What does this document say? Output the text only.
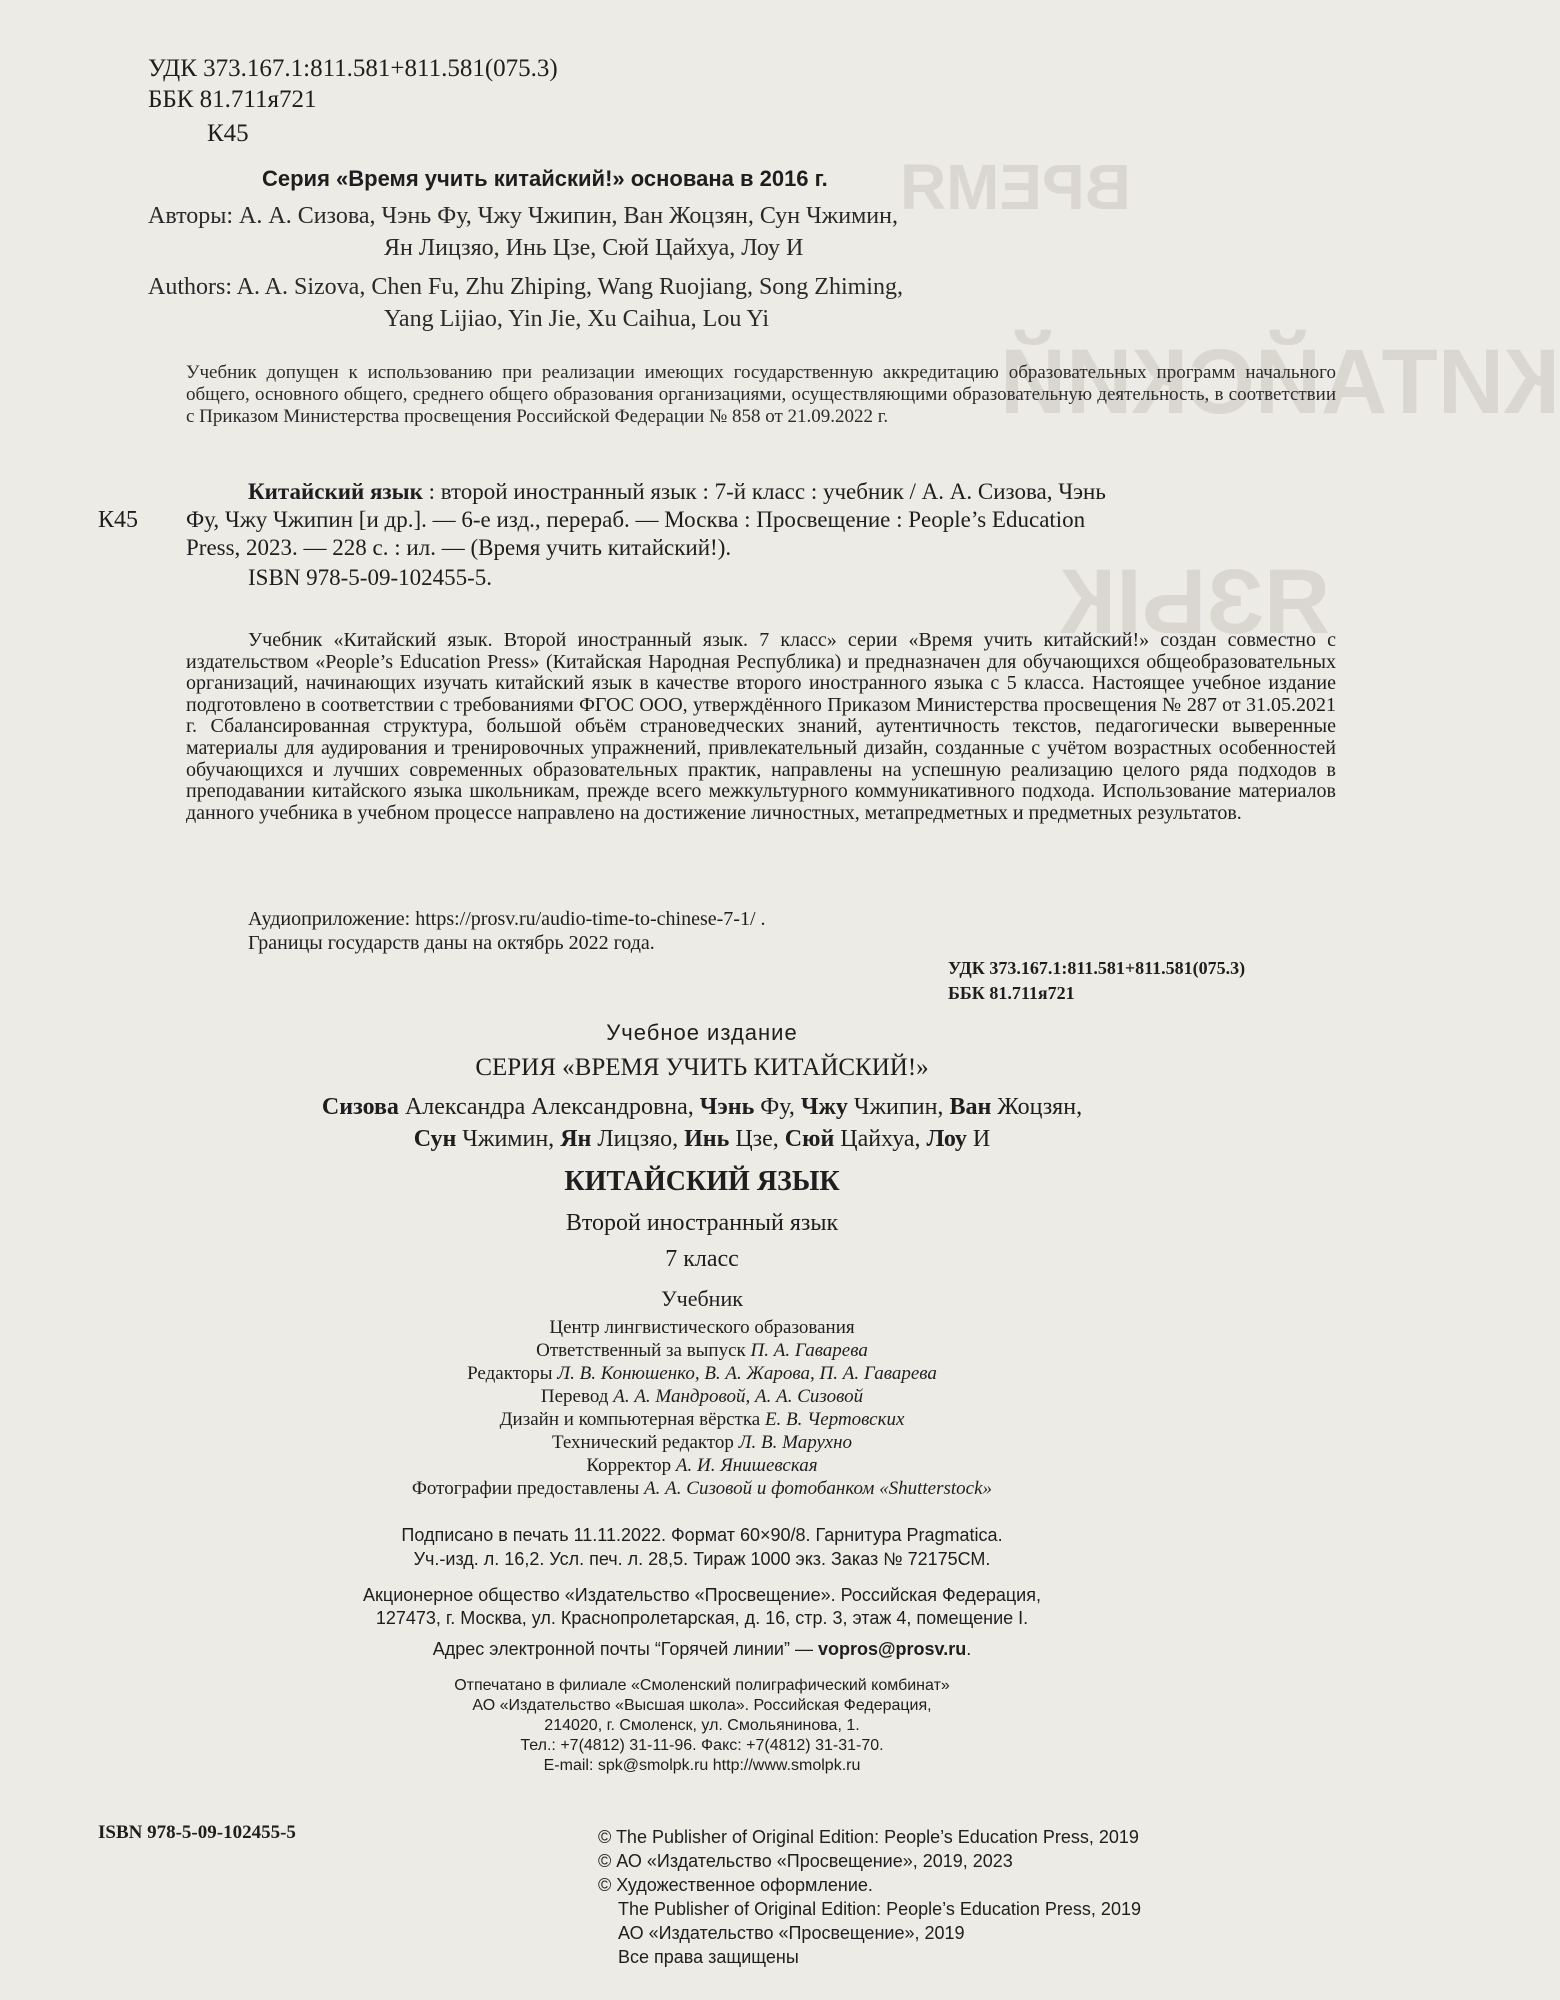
ВРЕМЯ
КИТАЙСКИЙ
ЯЗЫК

УДК 373.167.1:811.581+811.581(075.3)

ББК 81.711я721

К45

Серия «Время учить китайский!» основана в 2016 г.

Авторы: А. А. Сизова, Чэнь Фу, Чжу Чжипин, Ван Жоцзян, Сун Чжимин,

Ян Лицзяо, Инь Цзе, Сюй Цайхуа, Лоу И

Authors: A. A. Sizova, Chen Fu, Zhu Zhiping, Wang Ruojiang, Song Zhiming,

Yang Lijiao, Yin Jie, Xu Caihua, Lou Yi

Учебник допущен к использованию при реализации имеющих государственную аккредитацию образовательных программ начального общего, основного общего, среднего общего образования организациями, осуществляющими образовательную деятельность, в соответствии с Приказом Министерства просвещения Российской Федерации № 858 от 21.09.2022 г.

К45

Китайский язык : второй иностранный язык : 7-й класс : учебник / А. А. Сизова, Чэнь

Фу, Чжу Чжипин [и др.]. — 6-е изд., перераб. — Москва : Просвещение : People’s Education

Press, 2023. — 228 с. : ил. — (Время учить китайский!).

ISBN 978-5-09-102455-5.

Учебник «Китайский язык. Второй иностранный язык. 7 класс» серии «Время учить китайский!» создан совместно с издательством «People’s Education Press» (Китайская Народная Республика) и предназначен для обучающихся общеобразовательных организаций, начинающих изучать китайский язык в качестве второго иностранного языка с 5 класса. Настоящее учебное издание подготовлено в соответствии с требованиями ФГОС ООО, утверждённого Приказом Министерства просвещения № 287 от 31.05.2021 г. Сбалансированная структура, большой объём страноведческих знаний, аутентичность текстов, педагогически выверенные материалы для аудирования и тренировочных упражнений, привлекательный дизайн, созданные с учётом возрастных особенностей обучающихся и лучших современных образовательных практик, направлены на успешную реализацию целого ряда подходов в преподавании китайского языка школьникам, прежде всего межкультурного коммуникативного подхода. Использование материалов данного учебника в учебном процессе направлено на достижение личностных, метапредметных и предметных результатов.

Аудиоприложение: https://prosv.ru/audio-time-to-chinese-7-1/ .

Границы государств даны на октябрь 2022 года.

УДК 373.167.1:811.581+811.581(075.3)

ББК 81.711я721

Учебное издание

СЕРИЯ «ВРЕМЯ УЧИТЬ КИТАЙСКИЙ!»

Сизова Александра Александровна, Чэнь Фу, Чжу Чжипин, Ван Жоцзян,

Сун Чжимин, Ян Лицзяо, Инь Цзе, Сюй Цайхуа, Лоу И

КИТАЙСКИЙ ЯЗЫК

Второй иностранный язык

7 класс

Учебник

Центр лингвистического образования

Ответственный за выпуск П. А. Гаварева

Редакторы Л. В. Конюшенко, В. А. Жарова, П. А. Гаварева

Перевод А. А. Мандровой, А. А. Сизовой

Дизайн и компьютерная вёрстка Е. В. Чертовских

Технический редактор Л. В. Марухно

Корректор А. И. Янишевская

Фотографии предоставлены А. А. Сизовой и фотобанком «Shutterstock»

Подписано в печать 11.11.2022. Формат 60×90/8. Гарнитура Pragmatica.

Уч.-изд. л. 16,2. Усл. печ. л. 28,5. Тираж 1000 экз. Заказ № 72175СМ.

Акционерное общество «Издательство «Просвещение». Российская Федерация,

127473, г. Москва, ул. Краснопролетарская, д. 16, стр. 3, этаж 4, помещение I.

Адрес электронной почты “Горячей линии” — vopros@prosv.ru.

Отпечатано в филиале «Смоленский полиграфический комбинат»

АО «Издательство «Высшая школа». Российская Федерация,

214020, г. Смоленск, ул. Смольянинова, 1.

Тел.: +7(4812) 31-11-96. Факс: +7(4812) 31-31-70.

E-mail: spk@smolpk.ru http://www.smolpk.ru

ISBN 978-5-09-102455-5	© The Publisher of Original Edition: People’s Education Press, 2019

© АО «Издательство «Просвещение», 2019, 2023

© Художественное оформление.

The Publisher of Original Edition: People’s Education Press, 2019

АО «Издательство «Просвещение», 2019

Все права защищены
